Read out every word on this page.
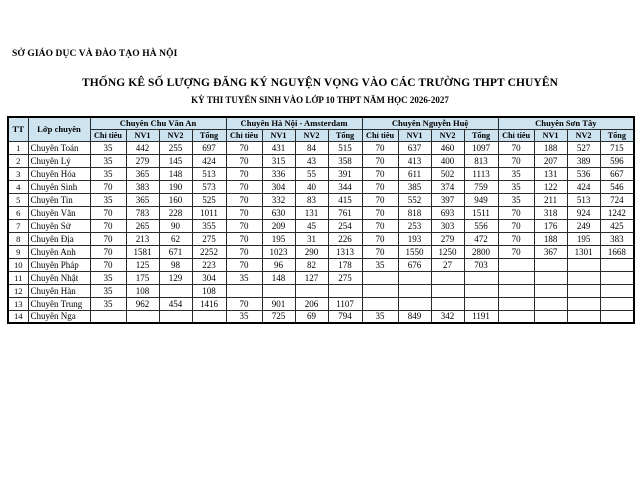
SỞ GIÁO DỤC VÀ ĐÀO TẠO HÀ NỘI
THỐNG KÊ SỐ LƯỢNG ĐĂNG KÝ NGUYỆN VỌNG VÀO CÁC TRƯỜNG THPT CHUYÊN
KỲ THI TUYỂN SINH VÀO LỚP 10 THPT NĂM HỌC 2026-2027
TT	Lớp chuyên	Chuyên Chu Văn An				Chuyên Hà Nội - Amsterdam				Chuyên Nguyễn Huệ				Chuyên Sơn Tây			
		Chỉ tiêu	NV1	NV2	Tổng	Chỉ tiêu	NV1	NV2	Tổng	Chỉ tiêu	NV1	NV2	Tổng	Chỉ tiêu	NV1	NV2	Tổng
1	Chuyên Toán	35	442	255	697	70	431	84	515	70	637	460	1097	70	188	527	715
2	Chuyên Lý	35	279	145	424	70	315	43	358	70	413	400	813	70	207	389	596
3	Chuyên Hóa	35	365	148	513	70	336	55	391	70	611	502	1113	35	131	536	667
4	Chuyên Sinh	70	383	190	573	70	304	40	344	70	385	374	759	35	122	424	546
5	Chuyên Tin	35	365	160	525	70	332	83	415	70	552	397	949	35	211	513	724
6	Chuyên Văn	70	783	228	1011	70	630	131	761	70	818	693	1511	70	318	924	1242
7	Chuyên Sử	70	265	90	355	70	209	45	254	70	253	303	556	70	176	249	425
8	Chuyên Địa	70	213	62	275	70	195	31	226	70	193	279	472	70	188	195	383
9	Chuyên Anh	70	1581	671	2252	70	1023	290	1313	70	1550	1250	2800	70	367	1301	1668
10	Chuyên Pháp	70	125	98	223	70	96	82	178	35	676	27	703				
11	Chuyên Nhật	35	175	129	304	35	148	127	275								
12	Chuyên Hàn	35	108		108												
13	Chuyên Trung	35	962	454	1416	70	901	206	1107								
14	Chuyên Nga					35	725	69	794	35	849	342	1191				
